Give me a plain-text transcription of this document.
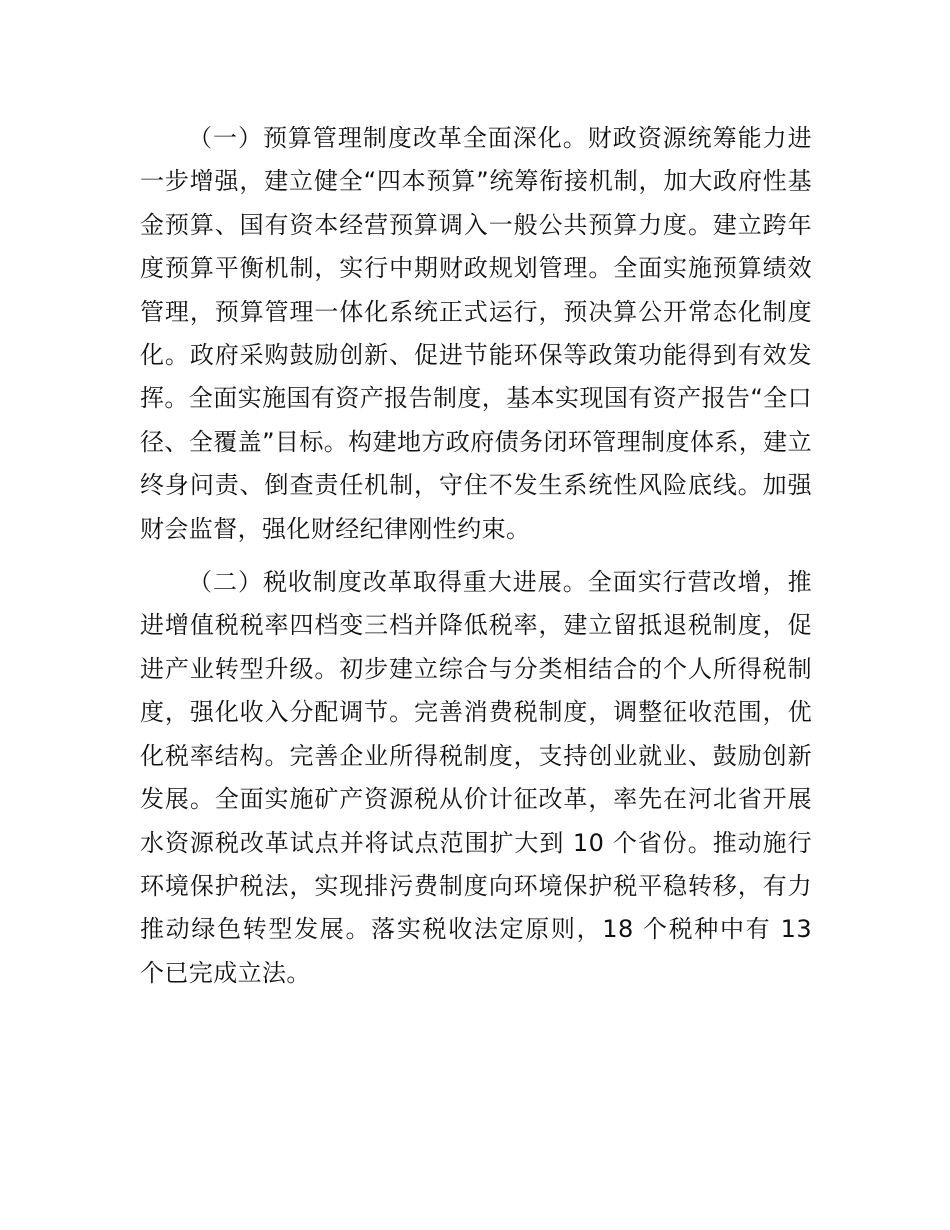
（一）预算管理制度改革全面深化。财政资源统筹能力进一步增强，建立健全“四本预算”统筹衔接机制，加大政府性基金预算、国有资本经营预算调入一般公共预算力度。建立跨年度预算平衡机制，实行中期财政规划管理。全面实施预算绩效管理，预算管理一体化系统正式运行，预决算公开常态化制度化。政府采购鼓励创新、促进节能环保等政策功能得到有效发挥。全面实施国有资产报告制度，基本实现国有资产报告“全口径、全覆盖”目标。构建地方政府债务闭环管理制度体系，建立终身问责、倒查责任机制，守住不发生系统性风险底线。加强财会监督，强化财经纪律刚性约束。

（二）税收制度改革取得重大进展。全面实行营改增，推进增值税税率四档变三档并降低税率，建立留抵退税制度，促进产业转型升级。初步建立综合与分类相结合的个人所得税制度，强化收入分配调节。完善消费税制度，调整征收范围，优化税率结构。完善企业所得税制度，支持创业就业、鼓励创新发展。全面实施矿产资源税从价计征改革，率先在河北省开展水资源税改革试点并将试点范围扩大到 10 个省份。推动施行环境保护税法，实现排污费制度向环境保护税平稳转移，有力推动绿色转型发展。落实税收法定原则，18 个税种中有 13 个已完成立法。
